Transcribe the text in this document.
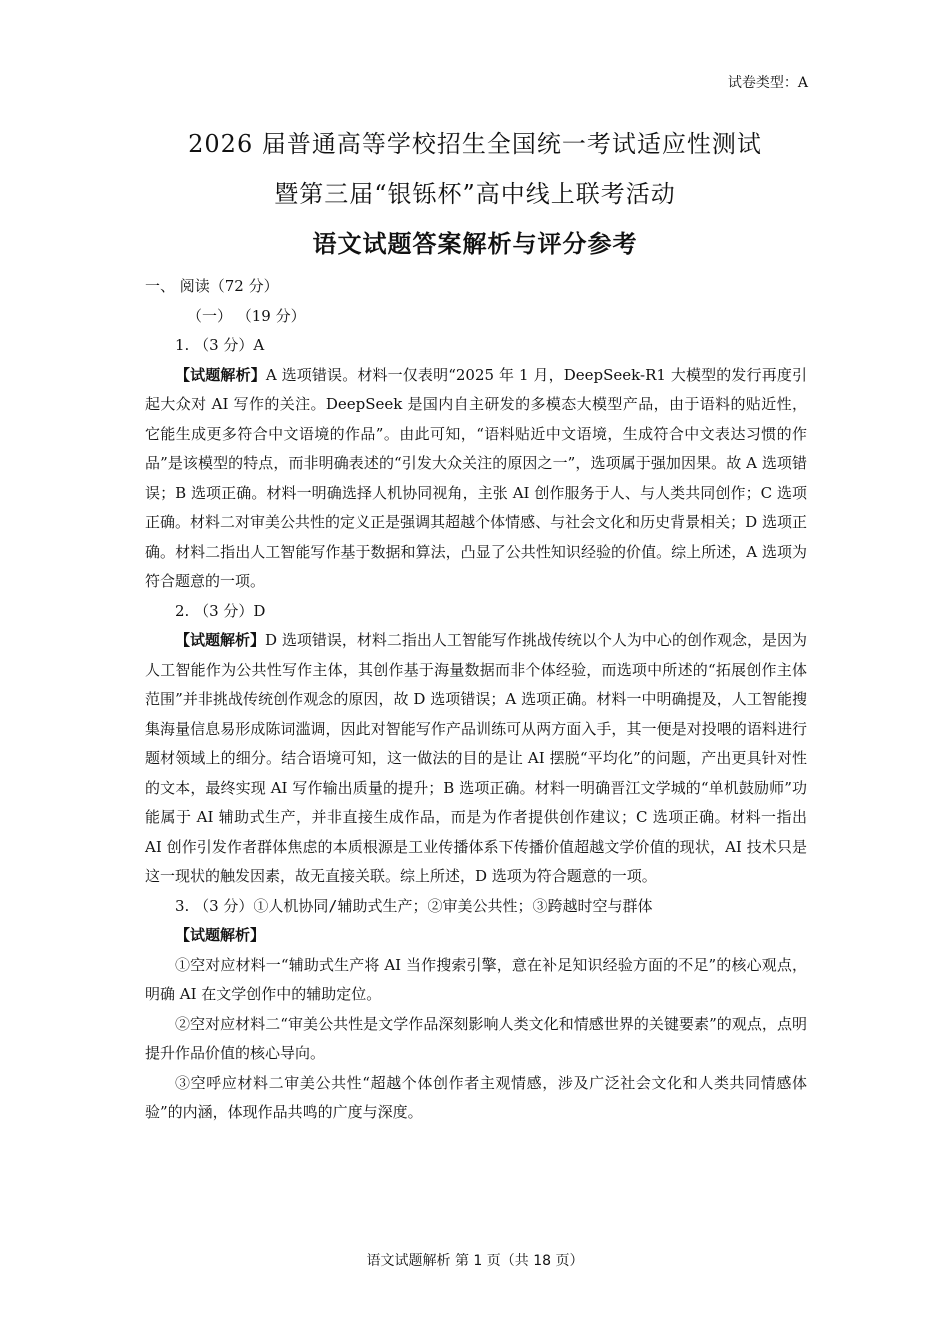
试卷类型：A
2026 届普通高等学校招生全国统一考试适应性测试
暨第三届“银铄杯”高中线上联考活动
语文试题答案解析与评分参考

一、 阅读（72 分）

（一） （19 分）

1. （3 分）A

【试题解析】A 选项错误。材料一仅表明“2025 年 1 月，DeepSeek-R1 大模型的发行再度引起大众对 AI 写作的关注。DeepSeek 是国内自主研发的多模态大模型产品，由于语料的贴近性，它能生成更多符合中文语境的作品”。由此可知，“语料贴近中文语境，生成符合中文表达习惯的作品”是该模型的特点，而非明确表述的“引发大众关注的原因之一”，选项属于强加因果。故 A 选项错误；B 选项正确。材料一明确选择人机协同视角，主张 AI 创作服务于人、与人类共同创作；C 选项正确。材料二对审美公共性的定义正是强调其超越个体情感、与社会文化和历史背景相关；D 选项正确。材料二指出人工智能写作基于数据和算法，凸显了公共性知识经验的价值。综上所述，A 选项为符合题意的一项。

2. （3 分）D

【试题解析】D 选项错误，材料二指出人工智能写作挑战传统以个人为中心的创作观念，是因为人工智能作为公共性写作主体，其创作基于海量数据而非个体经验，而选项中所述的“拓展创作主体范围”并非挑战传统创作观念的原因，故 D 选项错误；A 选项正确。材料一中明确提及，人工智能搜集海量信息易形成陈词滥调，因此对智能写作产品训练可从两方面入手，其一便是对投喂的语料进行题材领域上的细分。结合语境可知，这一做法的目的是让 AI 摆脱“平均化”的问题，产出更具针对性的文本，最终实现 AI 写作输出质量的提升；B 选项正确。材料一明确晋江文学城的“单机鼓励师”功能属于 AI 辅助式生产，并非直接生成作品，而是为作者提供创作建议；C 选项正确。材料一指出 AI 创作引发作者群体焦虑的本质根源是工业传播体系下传播价值超越文学价值的现状，AI 技术只是这一现状的触发因素，故无直接关联。综上所述，D 选项为符合题意的一项。

3. （3 分）①人机协同/辅助式生产；②审美公共性；③跨越时空与群体

【试题解析】

①空对应材料一“辅助式生产将 AI 当作搜索引擎，意在补足知识经验方面的不足”的核心观点，明确 AI 在文学创作中的辅助定位。

②空对应材料二“审美公共性是文学作品深刻影响人类文化和情感世界的关键要素”的观点，点明提升作品价值的核心导向。

③空呼应材料二审美公共性“超越个体创作者主观情感，涉及广泛社会文化和人类共同情感体验”的内涵，体现作品共鸣的广度与深度。

语文试题解析 第 1 页（共 18 页）
